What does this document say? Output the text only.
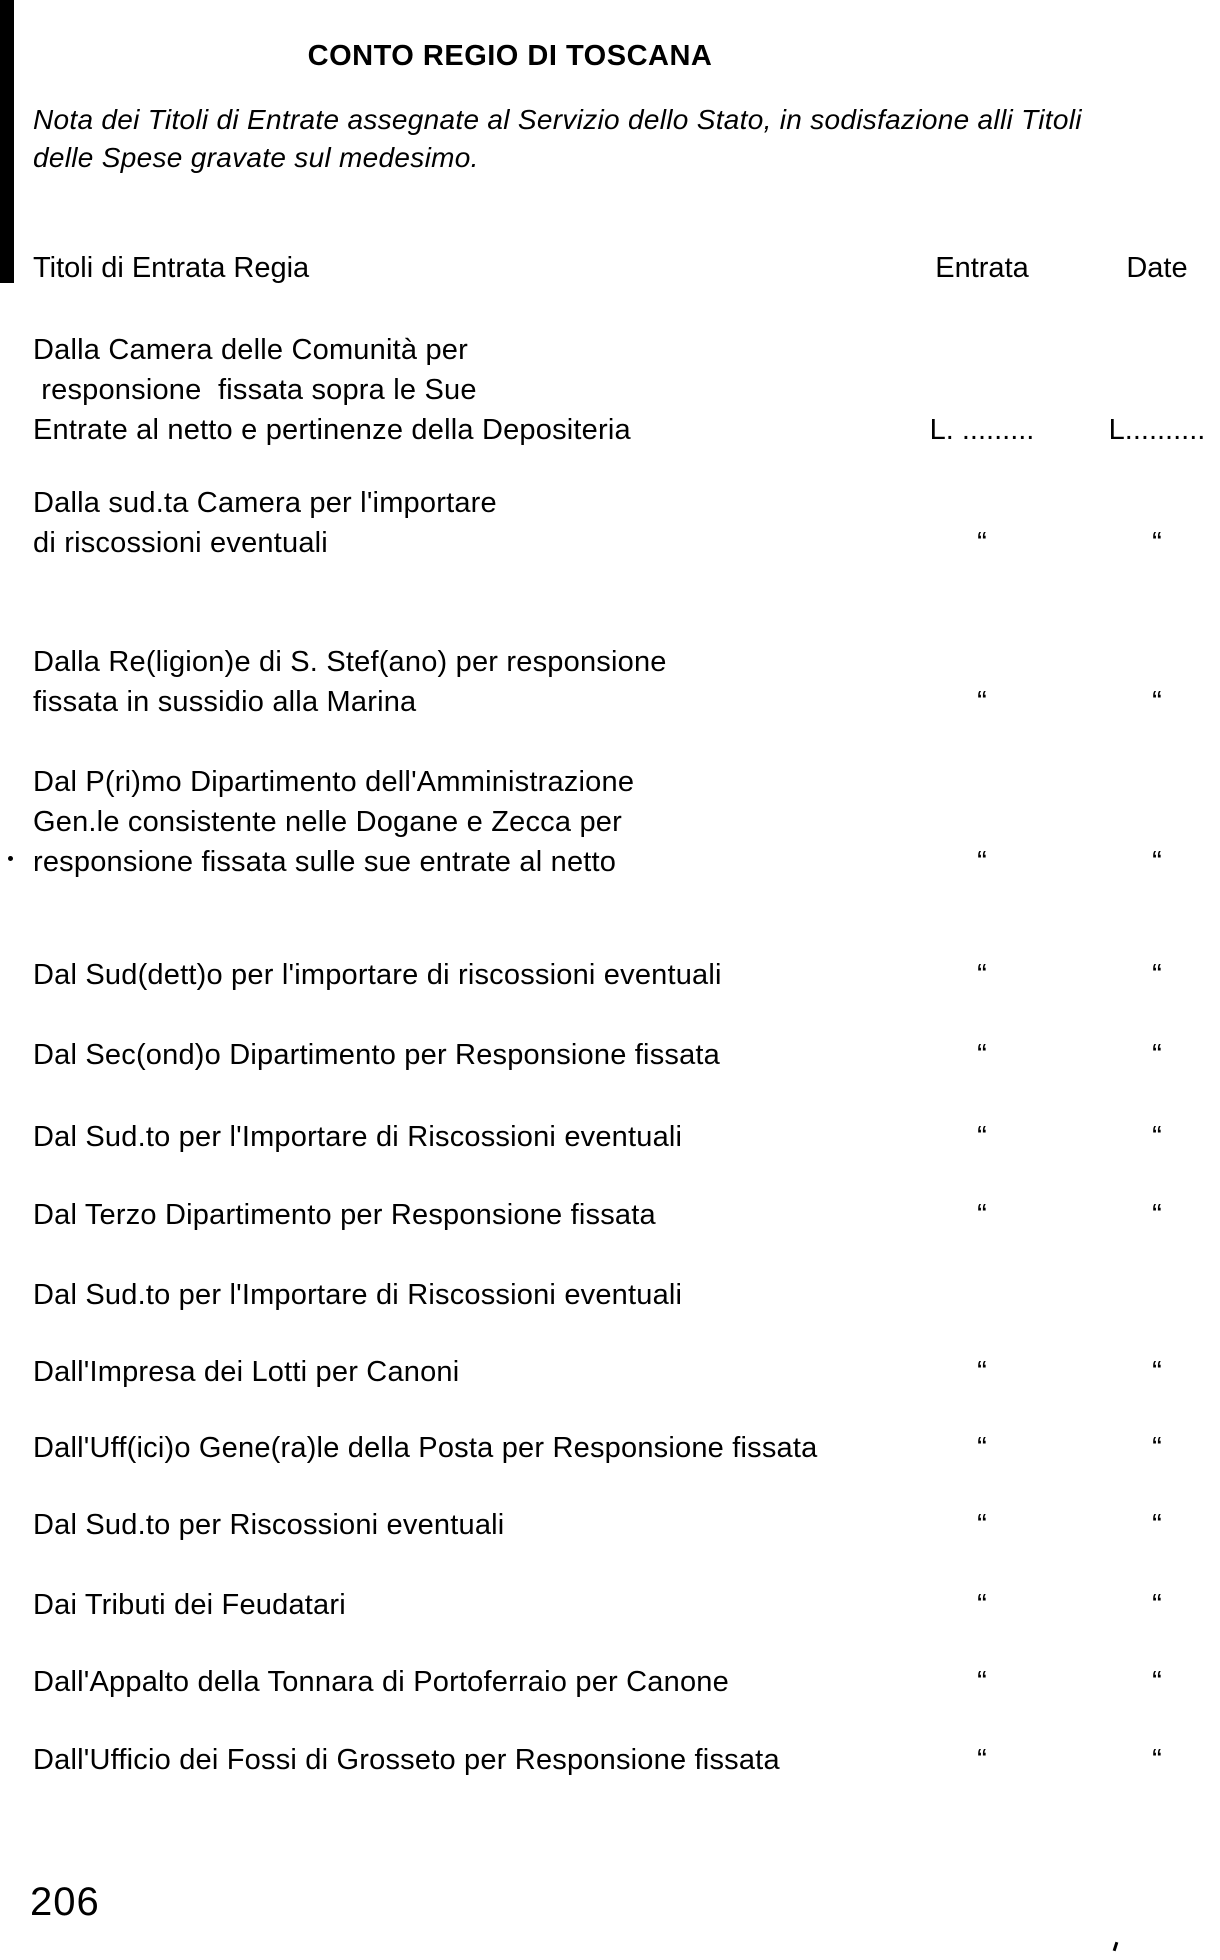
CONTO REGIO DI TOSCANA
Nota dei Titoli di Entrate assegnate al Servizio dello Stato, in sodisfazione alli Titoli
delle Spese gravate sul medesimo.
Titoli di Entrata Regia	Entrata	Date
Dalla Camera delle Comunità per
responsione  fissata sopra le Sue
Entrate al netto e pertinenze della Depositeria	L. .........	L..........
Dalla sud.ta Camera per l'importare
di riscossioni eventuali	“	“
Dalla Re(ligion)e di S. Stef(ano) per responsione
fissata in sussidio alla Marina	“	“
Dal P(ri)mo Dipartimento dell'Amministrazione
Gen.le consistente nelle Dogane e Zecca per
responsione fissata sulle sue entrate al netto	“	“
Dal Sud(dett)o per l'importare di riscossioni eventuali	“	“
Dal Sec(ond)o Dipartimento per Responsione fissata	“	“
Dal Sud.to per l'Importare di Riscossioni eventuali	“	“
Dal Terzo Dipartimento per Responsione fissata	“	“
Dal Sud.to per l'Importare di Riscossioni eventuali
Dall'Impresa dei Lotti per Canoni	“	“
Dall'Uff(ici)o Gene(ra)le della Posta per Responsione fissata	“	“
Dal Sud.to per Riscossioni eventuali	“	“
Dai Tributi dei Feudatari	“	“
Dall'Appalto della Tonnara di Portoferraio per Canone	“	“
Dall'Ufficio dei Fossi di Grosseto per Responsione fissata	“	“
206
